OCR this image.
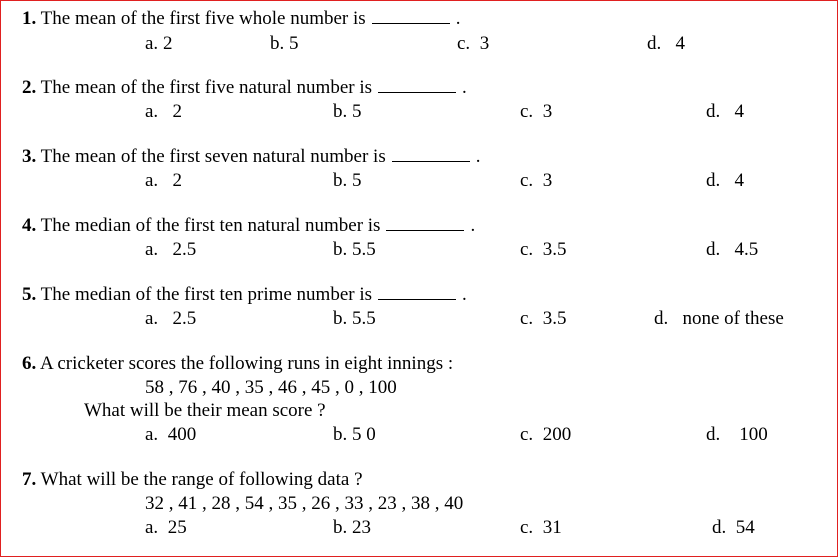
1. The mean of the first five whole number is	.
a. 2	b. 5	c. 3	d. 4
2. The mean of the first five natural number is	.
a. 2	b. 5	c. 3	d. 4
3. The mean of the first seven natural number is	.
a. 2	b. 5	c. 3	d. 4
4. The median of the first ten natural number is	.
a. 2.5	b. 5.5	c. 3.5	d. 4.5
5. The median of the first ten prime number is	.
a. 2.5	b. 5.5	c. 3.5	d. none of these
6. A cricketer scores the following runs in eight innings :
58 , 76 , 40 , 35 , 46 , 45 , 0 , 100
What will be their mean score ?
a. 400	b. 5 0	c. 200	d. 100
7. What will be the range of following data ?
32 , 41 , 28 , 54 , 35 , 26 , 33 , 23 , 38 , 40
a. 25	b. 23	c. 31	d. 54
